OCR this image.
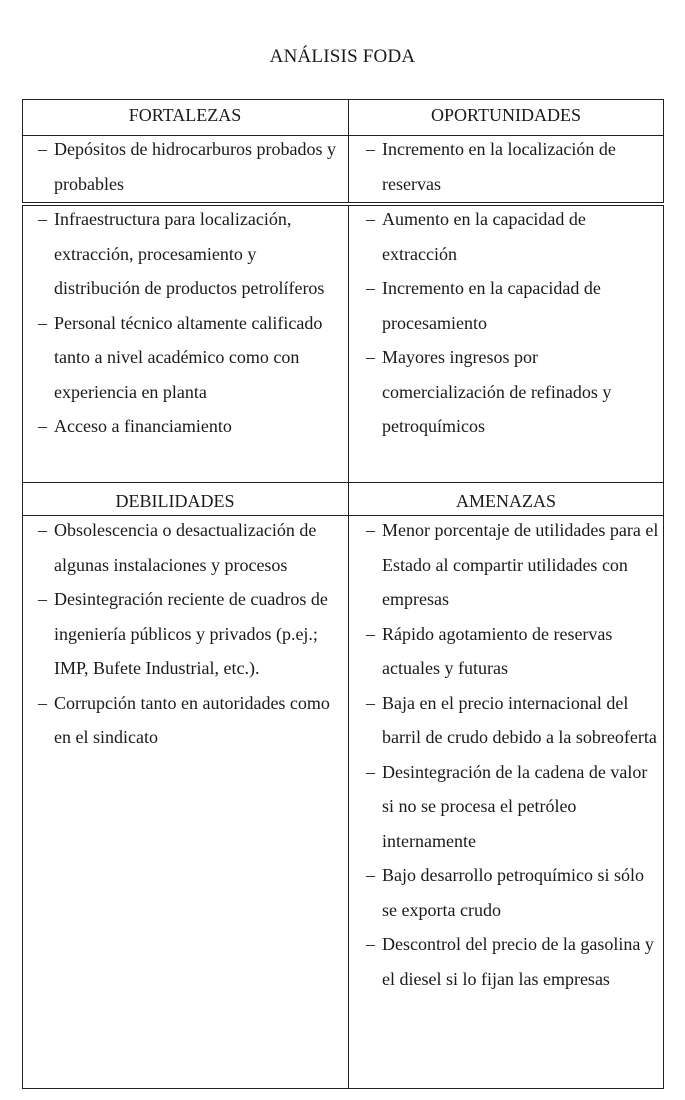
ANÁLISIS FODA
FORTALEZAS	OPORTUNIDADES
DEBILIDADES	AMENAZAS
– Depósitos de hidrocarburos probados y probables
– Incremento en la localización de reservas
– Infraestructura para localización, extracción, procesamiento y distribución de productos petrolíferos
– Personal técnico altamente calificado tanto a nivel académico como con experiencia en planta
– Acceso a financiamiento
– Aumento en la capacidad de extracción
– Incremento en la capacidad de procesamiento
– Mayores ingresos por comercialización de refinados y petroquímicos
– Obsolescencia o desactualización de algunas instalaciones y procesos
– Desintegración reciente de cuadros de ingeniería públicos y privados (p.ej.; IMP, Bufete Industrial, etc.).
– Corrupción tanto en autoridades como en el sindicato
– Menor porcentaje de utilidades para el Estado al compartir utilidades con empresas
– Rápido agotamiento de reservas actuales y futuras
– Baja en el precio internacional del barril de crudo debido a la sobreoferta
– Desintegración de la cadena de valor si no se procesa el petróleo internamente
– Bajo desarrollo petroquímico si sólo se exporta crudo
– Descontrol del precio de la gasolina y el diesel si lo fijan las empresas
